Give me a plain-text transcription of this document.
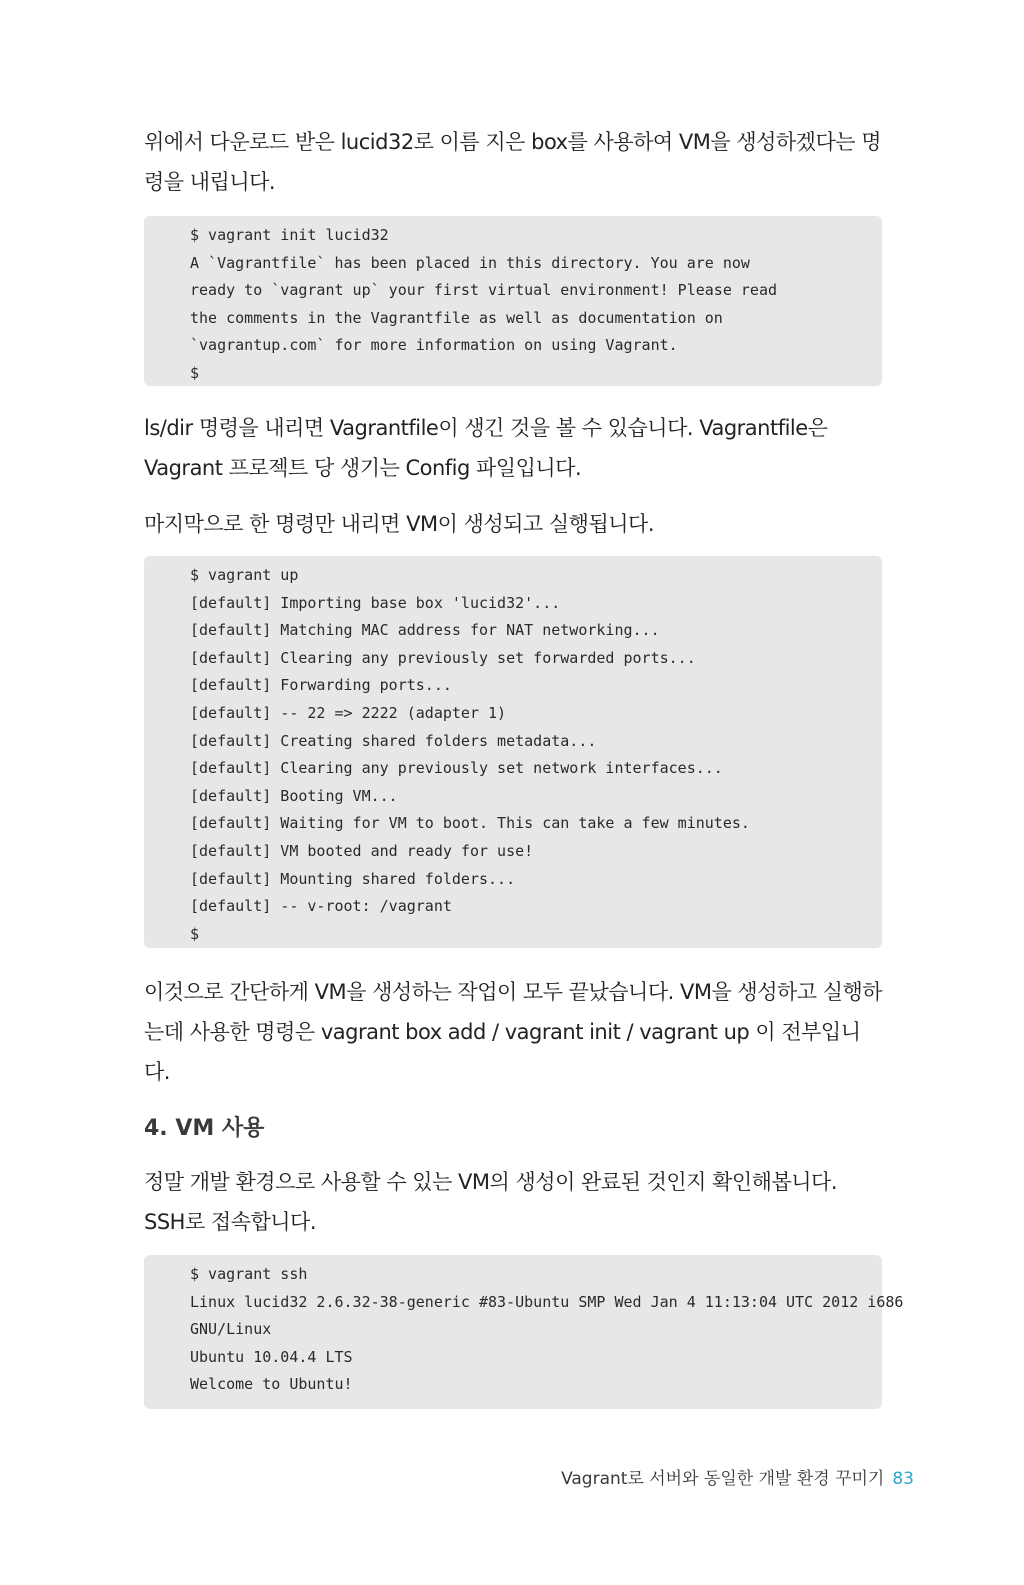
위에서 다운로드 받은 lucid32로 이름 지은 box를 사용하여 VM을 생성하겠다는 명령을 내립니다.

$ vagrant init lucid32
A `Vagrantfile` has been placed in this directory. You are now
ready to `vagrant up` your first virtual environment! Please read
the comments in the Vagrantfile as well as documentation on
`vagrantup.com` for more information on using Vagrant.
$

ls/dir 명령을 내리면 Vagrantfile이 생긴 것을 볼 수 있습니다. Vagrantfile은 Vagrant 프로젝트 당 생기는 Config 파일입니다.

마지막으로 한 명령만 내리면 VM이 생성되고 실행됩니다.

$ vagrant up
[default] Importing base box 'lucid32'...
[default] Matching MAC address for NAT networking...
[default] Clearing any previously set forwarded ports...
[default] Forwarding ports...
[default] -- 22 => 2222 (adapter 1)
[default] Creating shared folders metadata...
[default] Clearing any previously set network interfaces...
[default] Booting VM...
[default] Waiting for VM to boot. This can take a few minutes.
[default] VM booted and ready for use!
[default] Mounting shared folders...
[default] -- v-root: /vagrant
$

이것으로 간단하게 VM을 생성하는 작업이 모두 끝났습니다. VM을 생성하고 실행하는데 사용한 명령은 vagrant box add / vagrant init / vagrant up 이 전부입니다.

4. VM 사용

정말 개발 환경으로 사용할 수 있는 VM의 생성이 완료된 것인지 확인해봅니다. SSH로 접속합니다.

$ vagrant ssh
Linux lucid32 2.6.32-38-generic #83-Ubuntu SMP Wed Jan 4 11:13:04 UTC 2012 i686
GNU/Linux
Ubuntu 10.04.4 LTS
Welcome to Ubuntu!
Vagrant로 서버와 동일한 개발 환경 꾸미기 83
